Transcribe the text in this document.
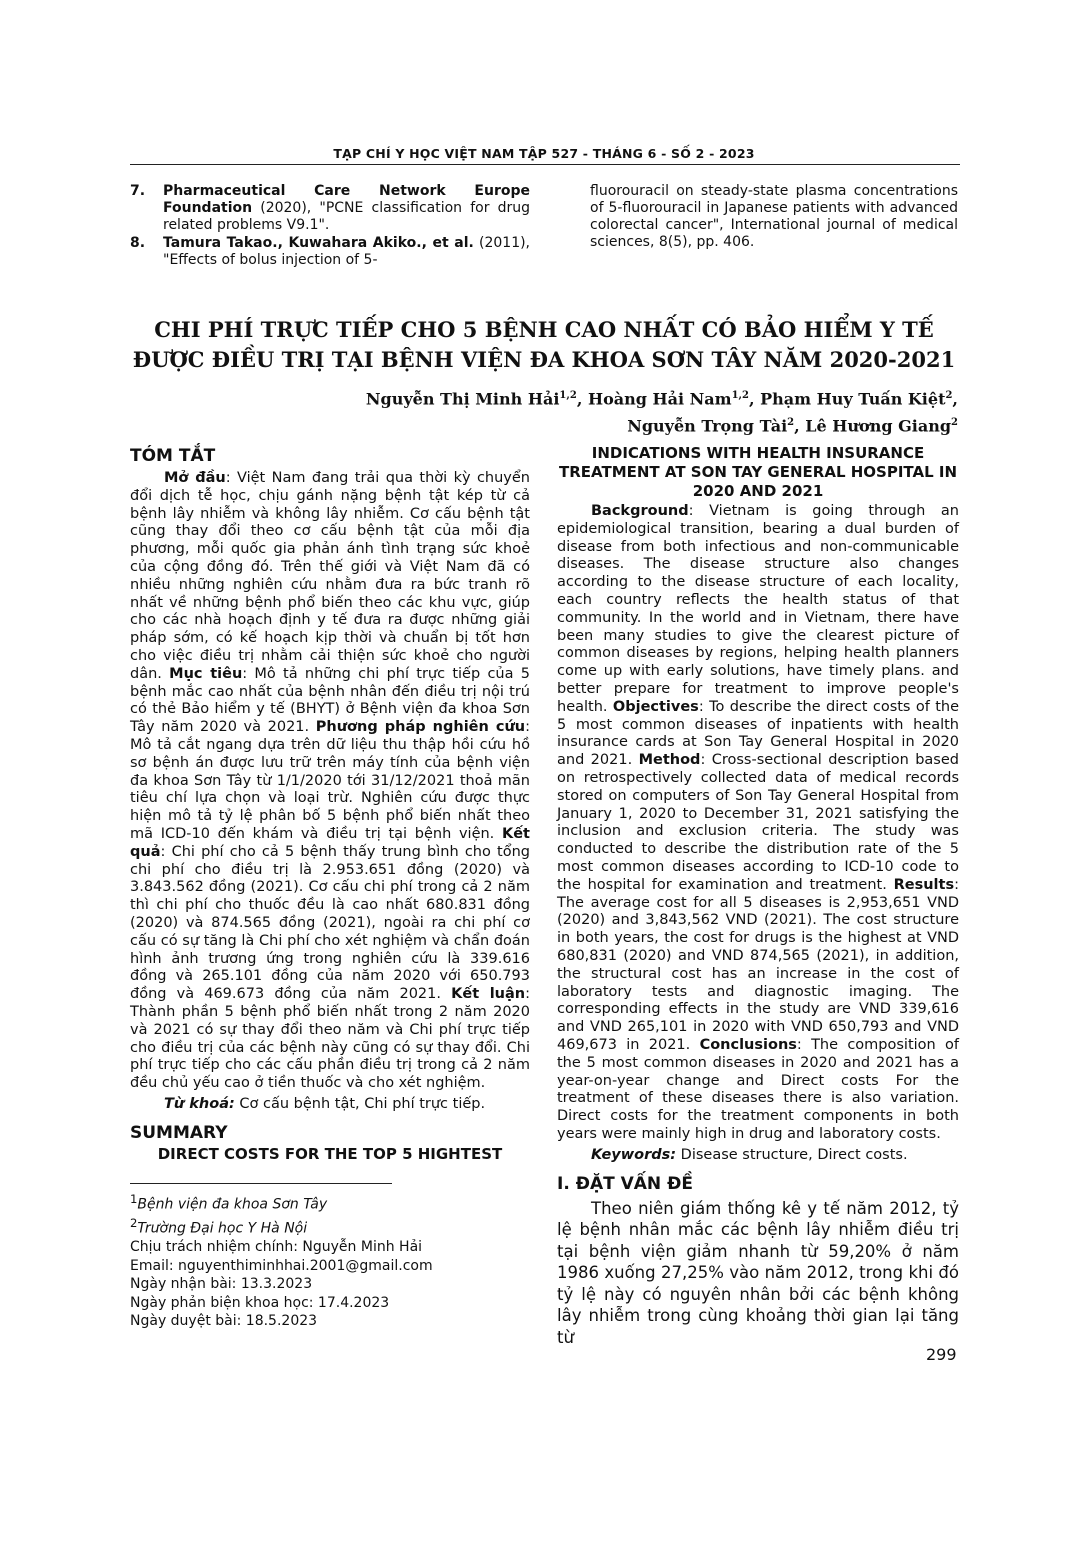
TẠP CHÍ Y HỌC VIỆT NAM TẬP 527 - THÁNG 6 - SỐ 2 - 2023
7. Pharmaceutical Care Network Europe Foundation (2020), "PCNE classification for drug related problems V9.1".
8. Tamura Takao., Kuwahara Akiko., et al. (2011), "Effects of bolus injection of 5-
fluorouracil on steady-state plasma concentrations of 5-fluorouracil in Japanese patients with advanced colorectal cancer", International journal of medical sciences, 8(5), pp. 406.
CHI PHÍ TRỰC TIẾP CHO 5 BỆNH CAO NHẤT CÓ BẢO HIỂM Y TẾ
ĐƯỢC ĐIỀU TRỊ TẠI BỆNH VIỆN ĐA KHOA SƠN TÂY NĂM 2020-2021
Nguyễn Thị Minh Hải$^{1,2}$, Hoàng Hải Nam$^{1,2}$, Phạm Huy Tuấn Kiệt$^2$,
Nguyễn Trọng Tài$^2$, Lê Hương Giang$^2$
TÓM TẮT

Mở đầu: Việt Nam đang trải qua thời kỳ chuyển đổi dịch tễ học, chịu gánh nặng bệnh tật kép từ cả bệnh lây nhiễm và không lây nhiễm. Cơ cấu bệnh tật cũng thay đổi theo cơ cấu bệnh tật của mỗi địa phương, mỗi quốc gia phản ánh tình trạng sức khoẻ của cộng đồng đó. Trên thế giới và Việt Nam đã có nhiều những nghiên cứu nhằm đưa ra bức tranh rõ nhất về những bệnh phổ biến theo các khu vực, giúp cho các nhà hoạch định y tế đưa ra được những giải pháp sớm, có kế hoạch kịp thời và chuẩn bị tốt hơn cho việc điều trị nhằm cải thiện sức khoẻ cho người dân. Mục tiêu: Mô tả những chi phí trực tiếp của 5 bệnh mắc cao nhất của bệnh nhân đến điều trị nội trú có thẻ Bảo hiểm y tế (BHYT) ở Bệnh viện đa khoa Sơn Tây năm 2020 và 2021. Phương pháp nghiên cứu: Mô tả cắt ngang dựa trên dữ liệu thu thập hồi cứu hồ sơ bệnh án được lưu trữ trên máy tính của bệnh viện đa khoa Sơn Tây từ 1/1/2020 tới 31/12/2021 thoả mãn tiêu chí lựa chọn và loại trừ. Nghiên cứu được thực hiện mô tả tỷ lệ phân bố 5 bệnh phổ biến nhất theo mã ICD-10 đến khám và điều trị tại bệnh viện. Kết quả: Chi phí cho cả 5 bệnh thấy trung bình cho tổng chi phí cho điều trị là 2.953.651 đồng (2020) và 3.843.562 đồng (2021). Cơ cấu chi phí trong cả 2 năm thì chi phí cho thuốc đều là cao nhất 680.831 đồng (2020) và 874.565 đồng (2021), ngoài ra chi phí cơ cấu có sự tăng là Chi phí cho xét nghiệm và chẩn đoán hình ảnh trương ứng trong nghiên cứu là 339.616 đồng và 265.101 đồng của năm 2020 với 650.793 đồng và 469.673 đồng của năm 2021. Kết luận: Thành phần 5 bệnh phổ biến nhất trong 2 năm 2020 và 2021 có sự thay đổi theo năm và Chi phí trực tiếp cho điều trị của các bệnh này cũng có sự thay đổi. Chi phí trực tiếp cho các cấu phần điều trị trong cả 2 năm đều chủ yếu cao ở tiền thuốc và cho xét nghiệm.

Từ khoá: Cơ cấu bệnh tật, Chi phí trực tiếp.

SUMMARY

DIRECT COSTS FOR THE TOP 5 HIGHTEST

INDICATIONS WITH HEALTH INSURANCE TREATMENT AT SON TAY GENERAL HOSPITAL IN 2020 AND 2021

Background: Vietnam is going through an epidemiological transition, bearing a dual burden of disease from both infectious and non-communicable diseases. The disease structure also changes according to the disease structure of each locality, each country reflects the health status of that community. In the world and in Vietnam, there have been many studies to give the clearest picture of common diseases by regions, helping health planners come up with early solutions, have timely plans. and better prepare for treatment to improve people's health. Objectives: To describe the direct costs of the 5 most common diseases of inpatients with health insurance cards at Son Tay General Hospital in 2020 and 2021. Method: Cross-sectional description based on retrospectively collected data of medical records stored on computers of Son Tay General Hospital from January 1, 2020 to December 31, 2021 satisfying the inclusion and exclusion criteria. The study was conducted to describe the distribution rate of the 5 most common diseases according to ICD-10 code to the hospital for examination and treatment. Results: The average cost for all 5 diseases is 2,953,651 VND (2020) and 3,843,562 VND (2021). The cost structure in both years, the cost for drugs is the highest at VND 680,831 (2020) and VND 874,565 (2021), in addition, the structural cost has an increase in the cost of laboratory tests and diagnostic imaging. The corresponding effects in the study are VND 339,616 and VND 265,101 in 2020 with VND 650,793 and VND 469,673 in 2021. Conclusions: The composition of the 5 most common diseases in 2020 and 2021 has a year-on-year change and Direct costs For the treatment of these diseases there is also variation. Direct costs for the treatment components in both years were mainly high in drug and laboratory costs.

Keywords: Disease structure, Direct costs.

I. ĐẶT VẤN ĐỀ

Theo niên giám thống kê y tế năm 2012, tỷ lệ bệnh nhân mắc các bệnh lây nhiễm điều trị tại bệnh viện giảm nhanh từ 59,20% ở năm 1986 xuống 27,25% vào năm 2012, trong khi đó tỷ lệ này có nguyên nhân bởi các bệnh không lây nhiễm trong cùng khoảng thời gian lại tăng từ

$^1$Bệnh viện đa khoa Sơn Tây
$^2$Trường Đại học Y Hà Nội
Chịu trách nhiệm chính: Nguyễn Minh Hải
Email: nguyenthiminhhai.2001@gmail.com
Ngày nhận bài: 13.3.2023
Ngày phản biện khoa học: 17.4.2023
Ngày duyệt bài: 18.5.2023
299
